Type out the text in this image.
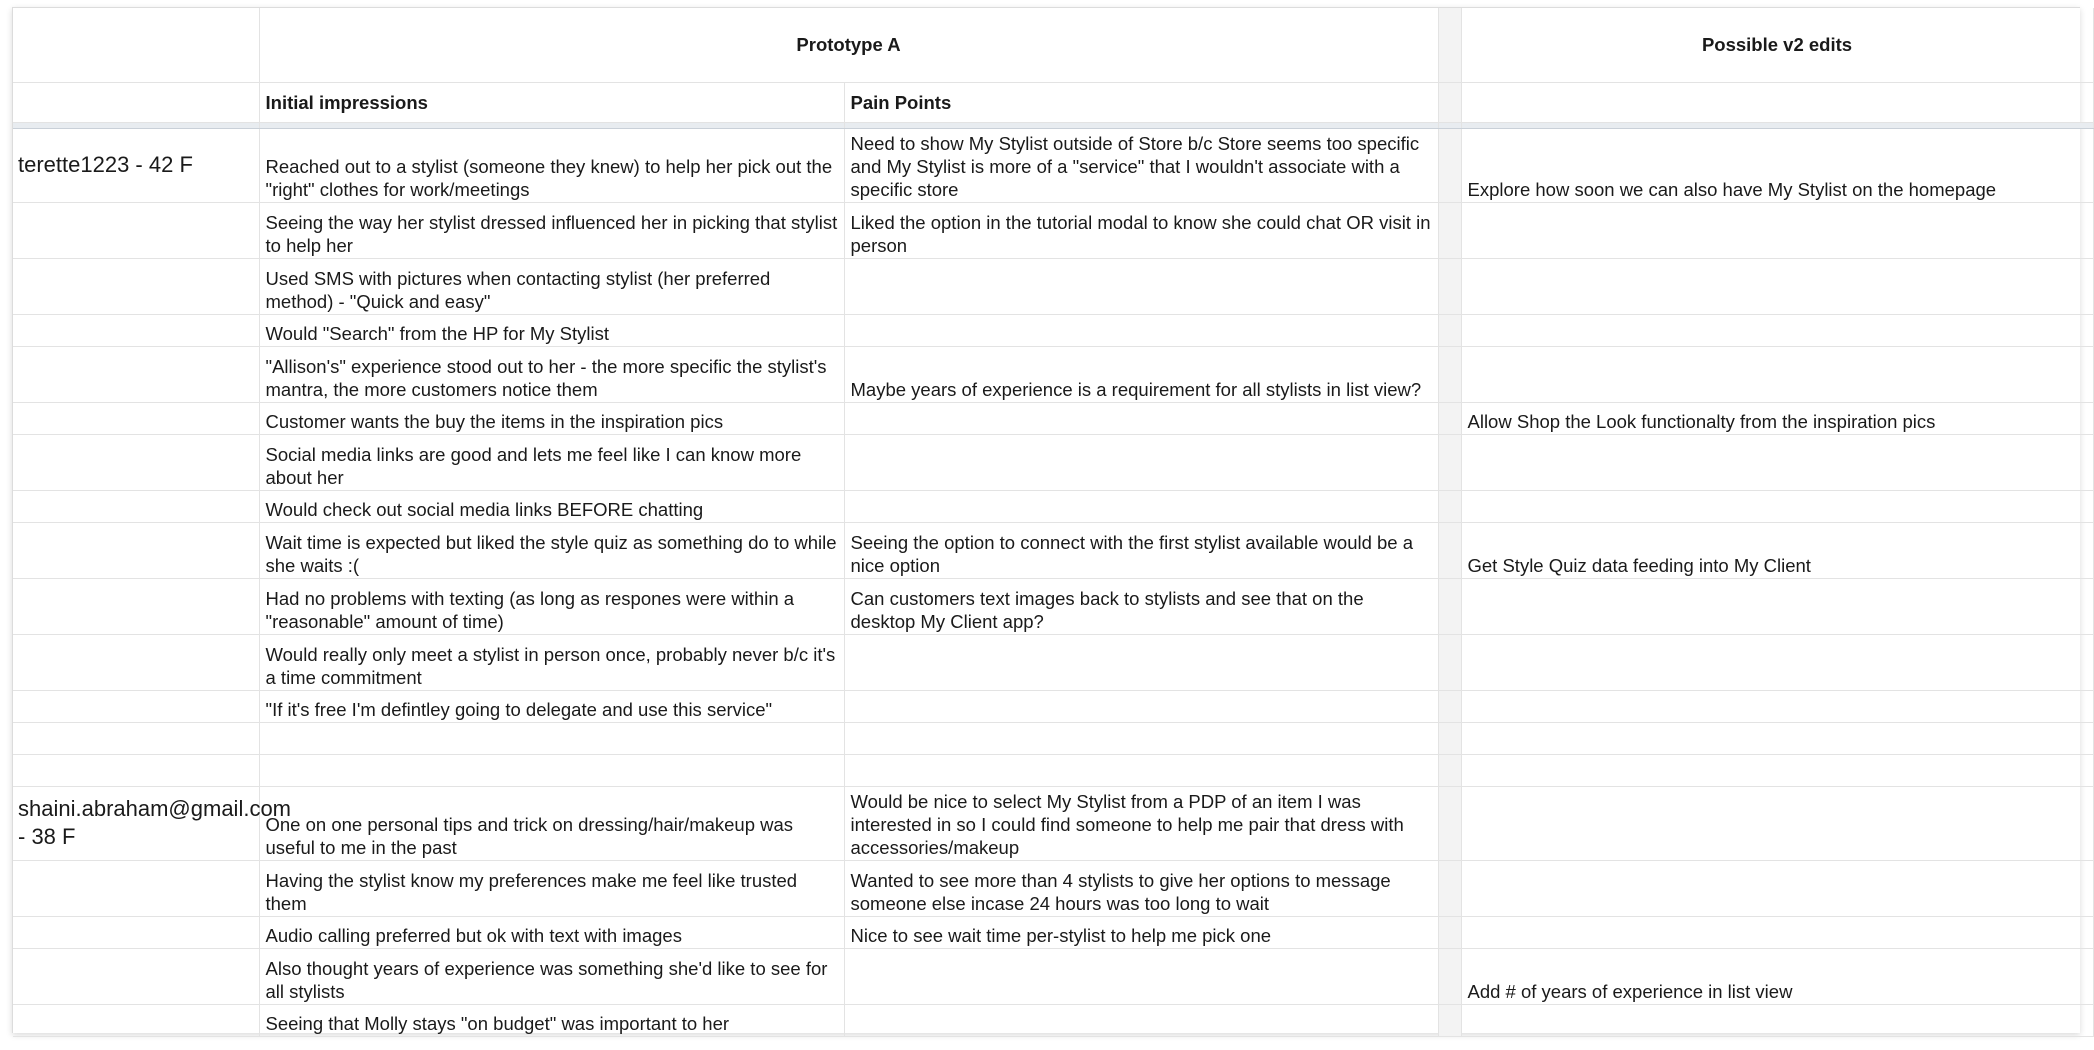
	Prototype A			Possible v2 edits
	Initial impressions	Pain Points		

terette1223 - 42 F	Reached out to a stylist (someone they knew) to help her pick out the "right" clothes for work/meetings	Need to show My Stylist outside of Store b/c Store seems too specific and My Stylist is more of a "service" that I wouldn't associate with a specific store		Explore how soon we can also have My Stylist on the homepage
	Seeing the way her stylist dressed influenced her in picking that stylist to help her	Liked the option in the tutorial modal to know she could chat OR visit in person		
	Used SMS with pictures when contacting stylist (her preferred method) - "Quick and easy"			
	Would "Search" from the HP for My Stylist			
	"Allison's" experience stood out to her - the more specific the stylist's mantra, the more customers notice them	Maybe years of experience is a requirement for all stylists in list view?		
	Customer wants the buy the items in the inspiration pics			Allow Shop the Look functionalty from the inspiration pics
	Social media links are good and lets me feel like I can know more about her			
	Would check out social media links BEFORE chatting			
	Wait time is expected but liked the style quiz as something do to while she waits :(	Seeing the option to connect with the first stylist available would be a nice option		Get Style Quiz data feeding into My Client
	Had no problems with texting (as long as respones were within a "reasonable" amount of time)	Can customers text images back to stylists and see that on the desktop My Client app?		
	Would really only meet a stylist in person once, probably never b/c it's a time commitment			
	"If it's free I'm defintley going to delegate and use this service"			

shaini.abraham@gmail.com - 38 F	One on one personal tips and trick on dressing/hair/makeup was useful to me in the past	Would be nice to select My Stylist from a PDP of an item I was interested in so I could find someone to help me pair that dress with accessories/makeup		
	Having the stylist know my preferences make me feel like trusted them	Wanted to see more than 4 stylists to give her options to message someone else incase 24 hours was too long to wait		
	Audio calling preferred but ok with text with images	Nice to see wait time per-stylist to help me pick one		
	Also thought years of experience was something she'd like to see for all stylists			Add # of years of experience in list view
	Seeing that Molly stays "on budget" was important to her			
